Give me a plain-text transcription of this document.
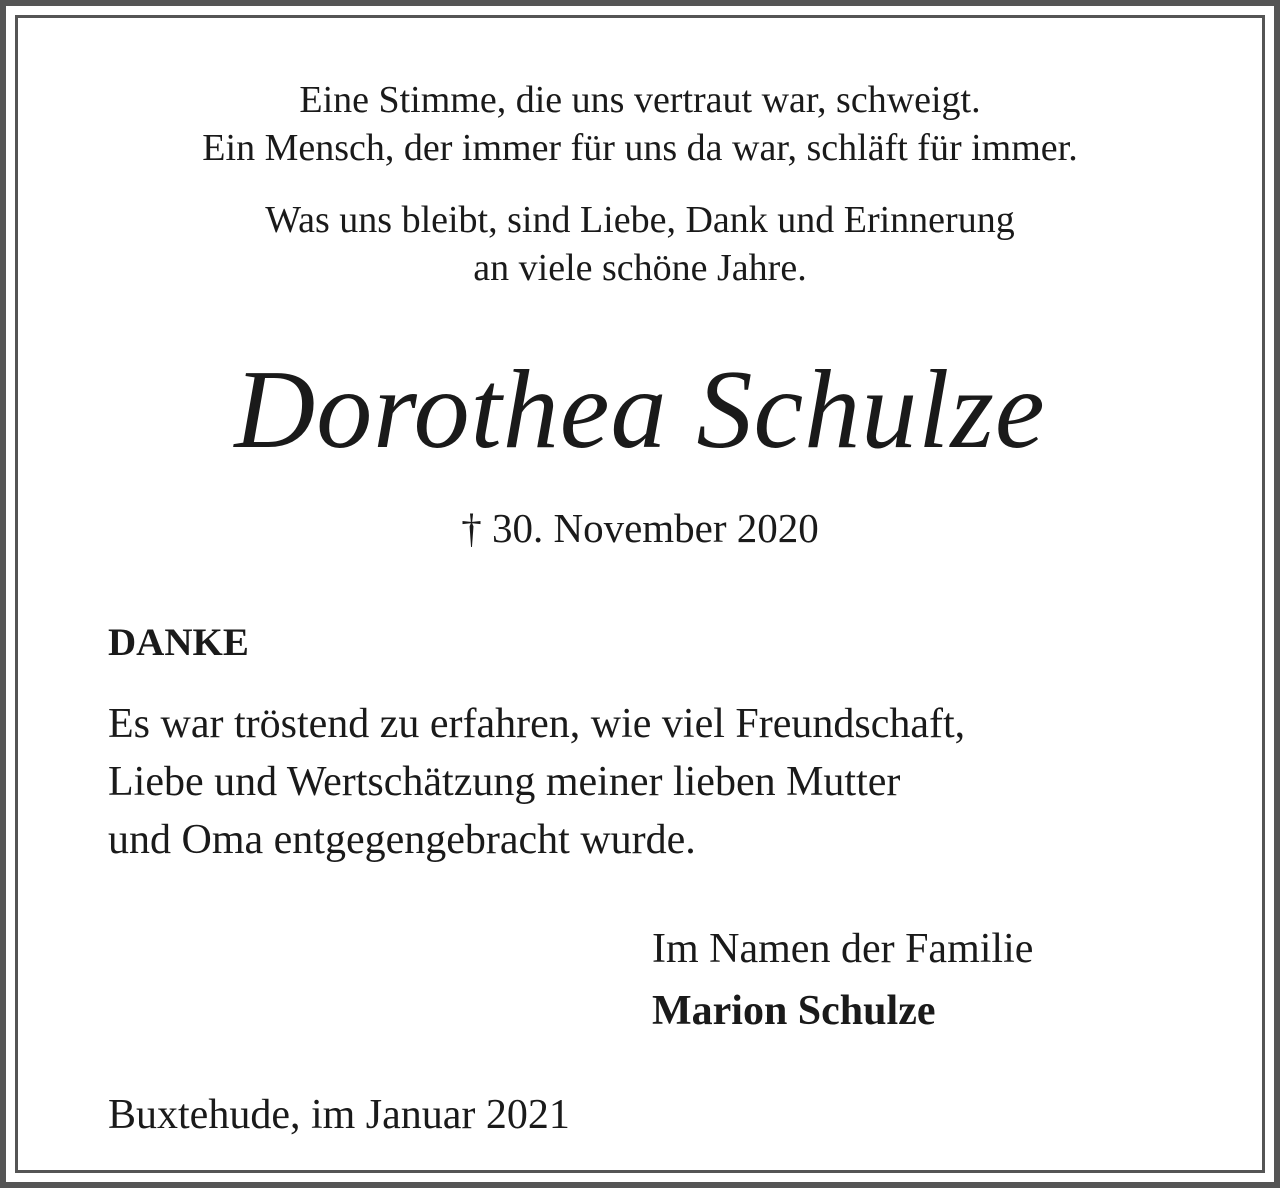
Eine Stimme, die uns vertraut war, schweigt.
Ein Mensch, der immer für uns da war, schläft für immer.
Was uns bleibt, sind Liebe, Dank und Erinnerung
an viele schöne Jahre.
Dorothea Schulze
† 30. November 2020
DANKE
Es war tröstend zu erfahren, wie viel Freundschaft,
Liebe und Wertschätzung meiner lieben Mutter
und Oma entgegengebracht wurde.
Im Namen der Familie
Marion Schulze
Buxtehude, im Januar 2021
